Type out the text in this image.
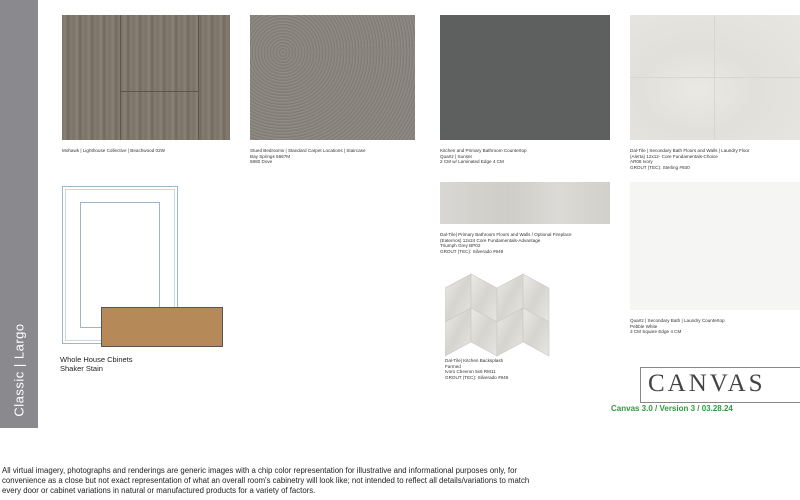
Classic | Largo
Mohawk | Lighthouse Collective | Beachwood 02W	Stued Bedrooms | Standard Carpet Locations | Staircase
Bay Springs 5667M
5880 Dove
Kitchen and Primary Bathroom Countertop
Quartz | Sunset
2 CM w/ Laminated Edge 4 CM
Dal-Tile | Secondary Bath Floors and Walls | Laundry Floor
(Alerta) 12x12- Core Fundamentals-Choice
AR08 Ivory
GROUT (TEC): Sterling #930
Whole House Cbinets
Shaker Stain
Dal-Tile| Primary Bathroom Floors and Walls / Optional Fireplace
(Eaternos) 12x24 Core Fundamentals-Advantage
Triumph Grey BP02
GROUT (TEC): Silverado #949
Dal-Tile| Kitchen Backsplash
Farmed
Ivoro Chevron 5x6 RM11
GROUT (TEC): Silverado #949
Quartz | Secondary Bath | Laundry Countertop
Pebble White
3 CM Square Edge 4 CM
CANVAS
Canvas 3.0 / Version 3 / 03.28.24
All virtual imagery, photographs and renderings are generic images with a chip color representation for illustrative and informational purposes only, for
convenience as a close but not exact representation of what an overall room's cabinetry will look like; not intended to reflect all details/variations to match
every door or cabinet variations in natural or manufactured products for a variety of factors.
